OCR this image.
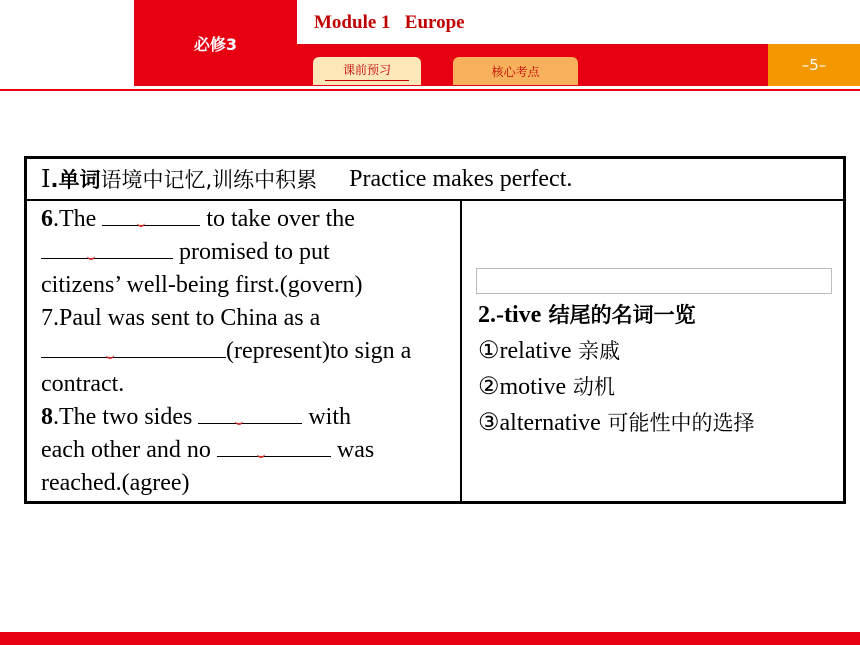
必修3
Module 1   Europe
–5–
课前预习	核心考点
Ⅰ .单词 语境中记忆,训练中积累 Practice makes perfect.

6.The	to take over the

promised to put

citizens’ well-being first.(govern)

7.Paul was sent to China as a

(represent)to sign a

contract.

8.The two sides	with

each other and no	was

reached.(agree)

2.-tive 结尾的名词一览
①relative 亲戚
②motive 动机
③alternative 可能性中的选择
